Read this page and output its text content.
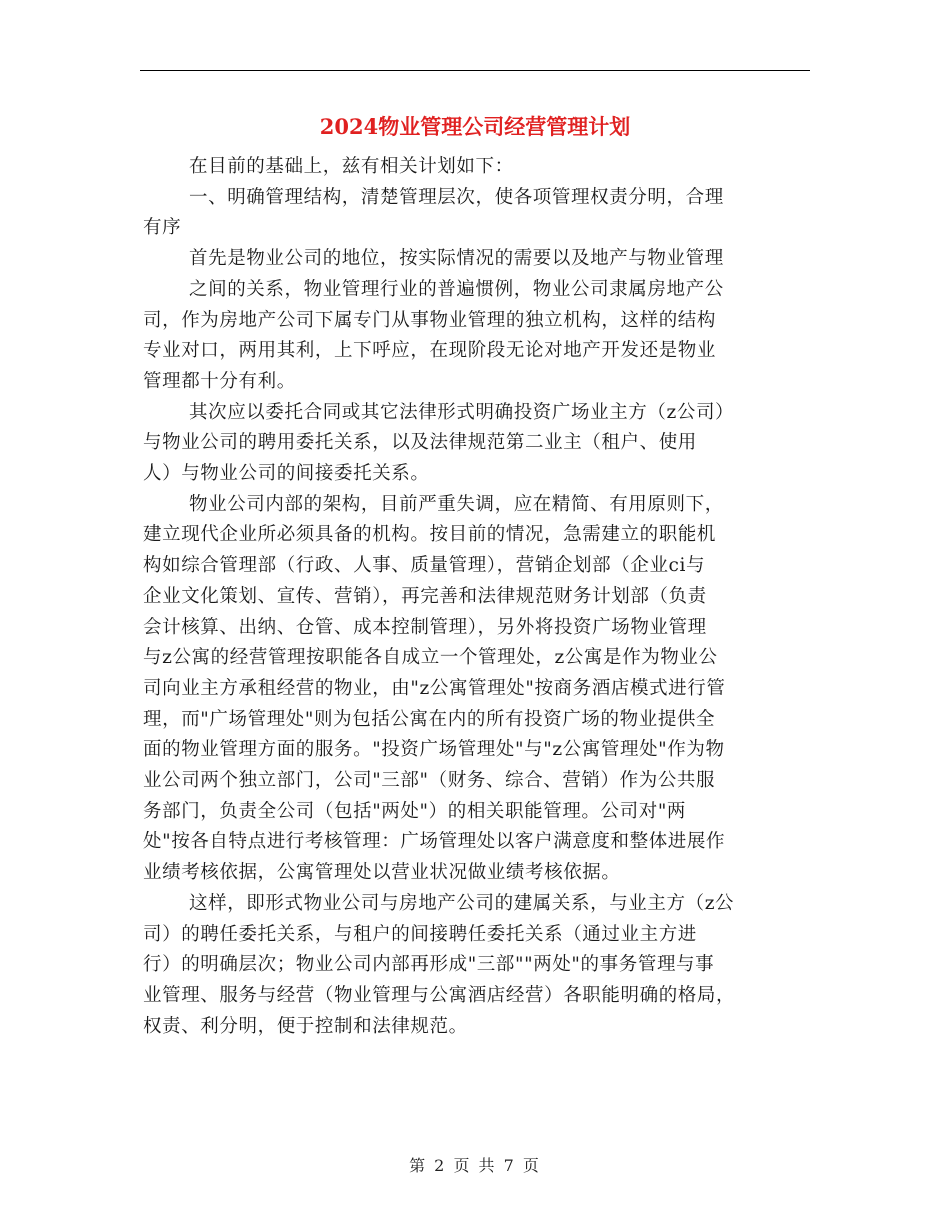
2024物业管理公司经营管理计划

在目前的基础上，兹有相关计划如下：

一、明确管理结构，清楚管理层次，使各项管理权责分明，合理
有序

首先是物业公司的地位，按实际情况的需要以及地产与物业管理
之间的关系，物业管理行业的普遍惯例，物业公司隶属房地产公
司，作为房地产公司下属专门从事物业管理的独立机构，这样的结构
专业对口，两用其利，上下呼应，在现阶段无论对地产开发还是物业
管理都十分有利。

其次应以委托合同或其它法律形式明确投资广场业主方（z公司）
与物业公司的聘用委托关系，以及法律规范第二业主（租户、使用
人）与物业公司的间接委托关系。

物业公司内部的架构，目前严重失调，应在精简、有用原则下，
建立现代企业所必须具备的机构。按目前的情况，急需建立的职能机
构如综合管理部（行政、人事、质量管理），营销企划部（企业ci与
企业文化策划、宣传、营销），再完善和法律规范财务计划部（负责
会计核算、出纳、仓管、成本控制管理），另外将投资广场物业管理
与z公寓的经营管理按职能各自成立一个管理处，z公寓是作为物业公
司向业主方承租经营的物业，由"z公寓管理处"按商务酒店模式进行管
理，而"广场管理处"则为包括公寓在内的所有投资广场的物业提供全
面的物业管理方面的服务。"投资广场管理处"与"z公寓管理处"作为物
业公司两个独立部门，公司"三部"（财务、综合、营销）作为公共服
务部门，负责全公司（包括"两处"）的相关职能管理。公司对"两
处"按各自特点进行考核管理：广场管理处以客户满意度和整体进展作
业绩考核依据，公寓管理处以营业状况做业绩考核依据。

这样，即形式物业公司与房地产公司的建属关系，与业主方（z公
司）的聘任委托关系，与租户的间接聘任委托关系（通过业主方进
行）的明确层次；物业公司内部再形成"三部""两处"的事务管理与事
业管理、服务与经营（物业管理与公寓酒店经营）各职能明确的格局，
权责、利分明，便于控制和法律规范。

第 2 页 共 7 页
